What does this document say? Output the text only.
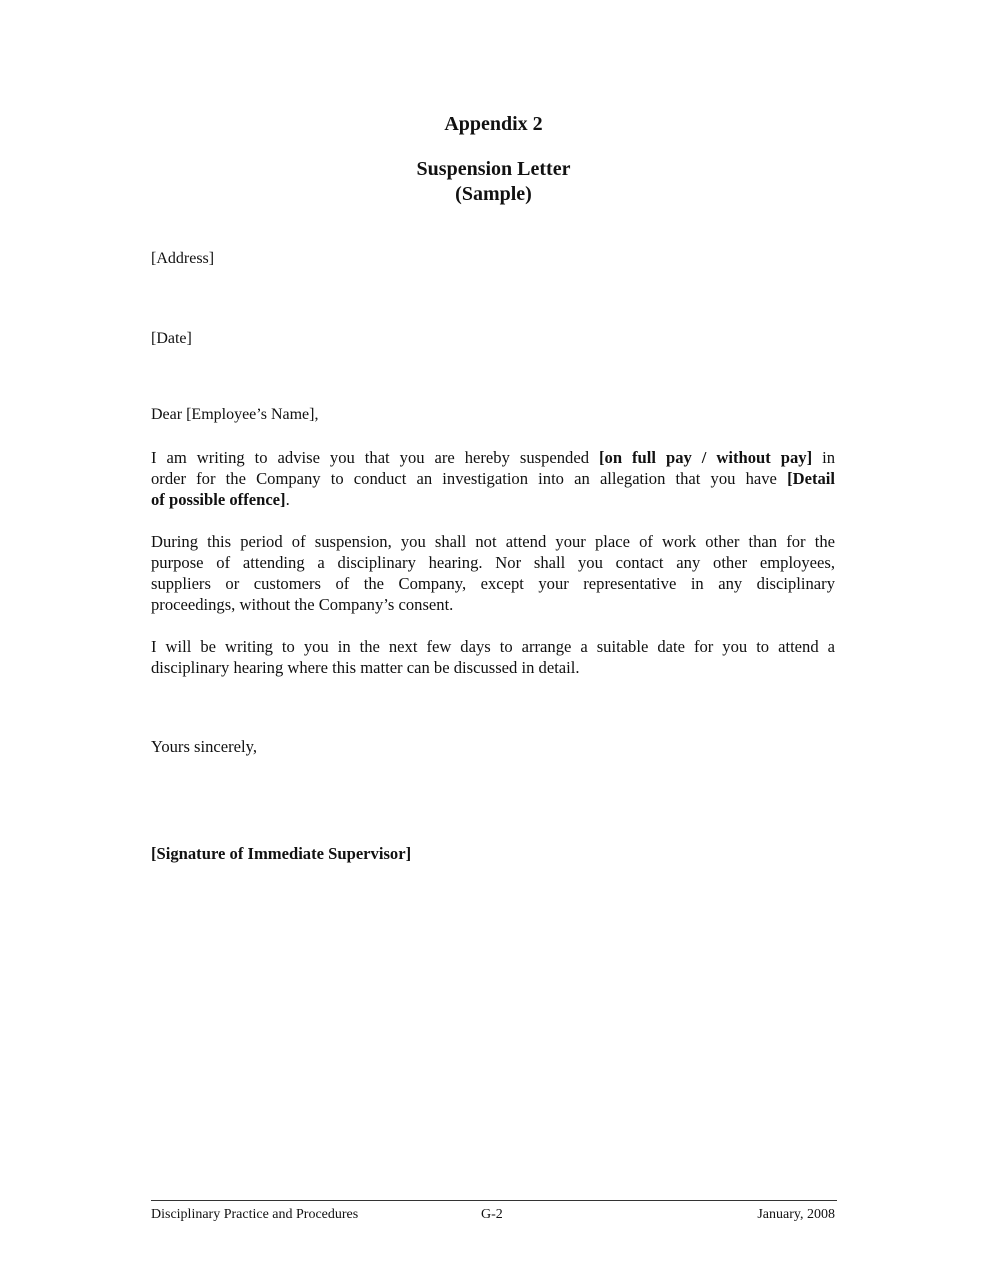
Appendix 2
Suspension Letter
(Sample)
[Address]
[Date]
Dear [Employee’s Name],
I am writing to advise you that you are hereby suspended [on full pay / without pay] in
order for the Company to conduct an investigation into an allegation that you have [Detail
of possible offence].
During this period of suspension, you shall not attend your place of work other than for the
purpose of attending a disciplinary hearing. Nor shall you contact any other employees,
suppliers or customers of the Company, except your representative in any disciplinary
proceedings, without the Company’s consent.
I will be writing to you in the next few days to arrange a suitable date for you to attend a
disciplinary hearing where this matter can be discussed in detail.
Yours sincerely,
[Signature of Immediate Supervisor]
Disciplinary Practice and Procedures	G-2	January, 2008
